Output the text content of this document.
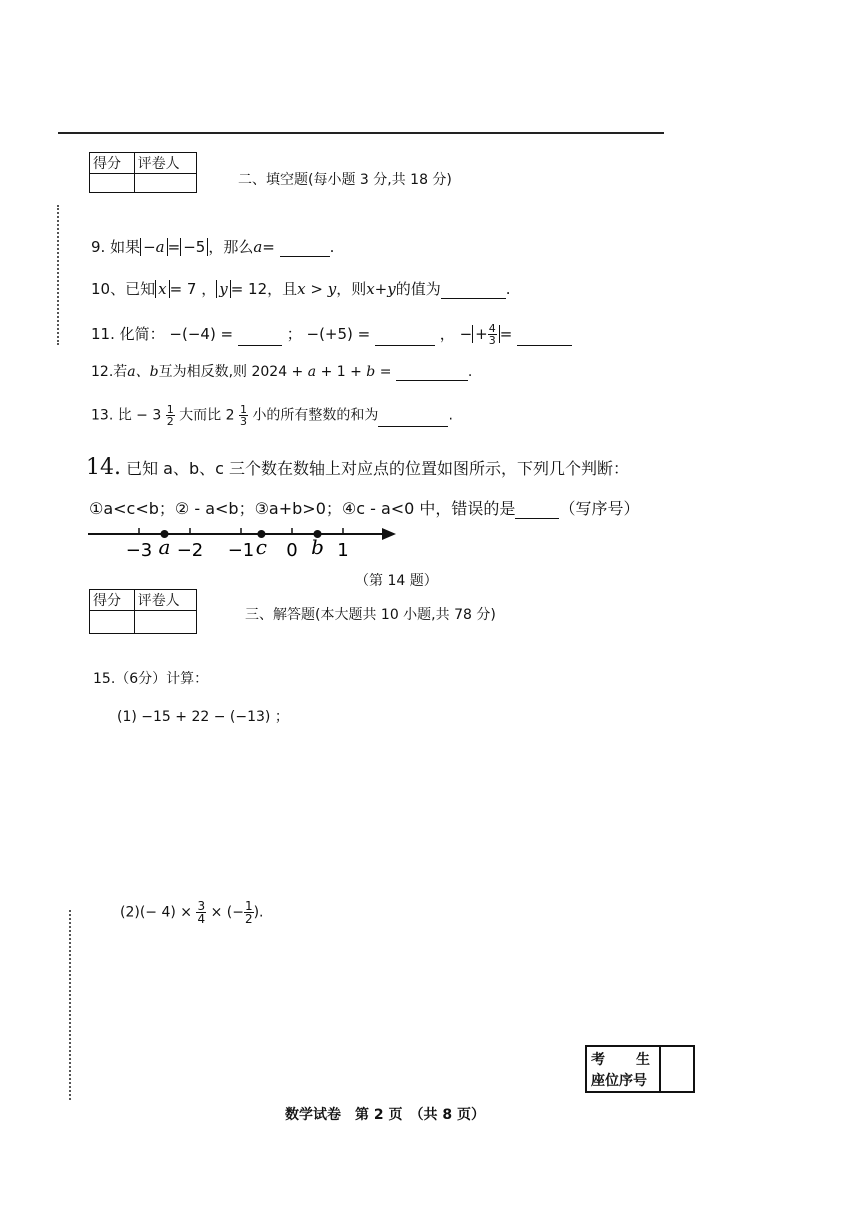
得分	评卷人

二、填空题(每小题 3 分,共 18 分)
9. 如果 −a = −5 ，那么a=	.
10、已知 x = 7 ， y = 12，且x > y，则x+y的值为	.
11. 化简： −(−4) =	； −(+5) =	， − + $\frac{4}{3}$ =
12.若a、b互为相反数,则 2024 + a + 1 + b =	.
13. 比 − $3 \frac{1}{2}$ 大而比 $2 \frac{1}{3}$ 小的所有整数的和为	.
14. 已知 a、b、c 三个数在数轴上对应点的位置如图所示，下列几个判断：
①a<c<b；② - a<b；③a+b>0；④c - a<0 中，错误的是	（写序号）
−3 −2 −1 0 1
a	c b
（第 14 题）
得分	评卷人

三、解答题(本大题共 10 小题,共 78 分)
15.（6分）计算：
(1) −15 + 22 − (−13) ；
$(2)(- 4) \times \frac{3}{4}$ × (− $\frac{1}{2}$ ).
考　　生
座位序号
数学试卷　第 2 页　（共 8 页）
